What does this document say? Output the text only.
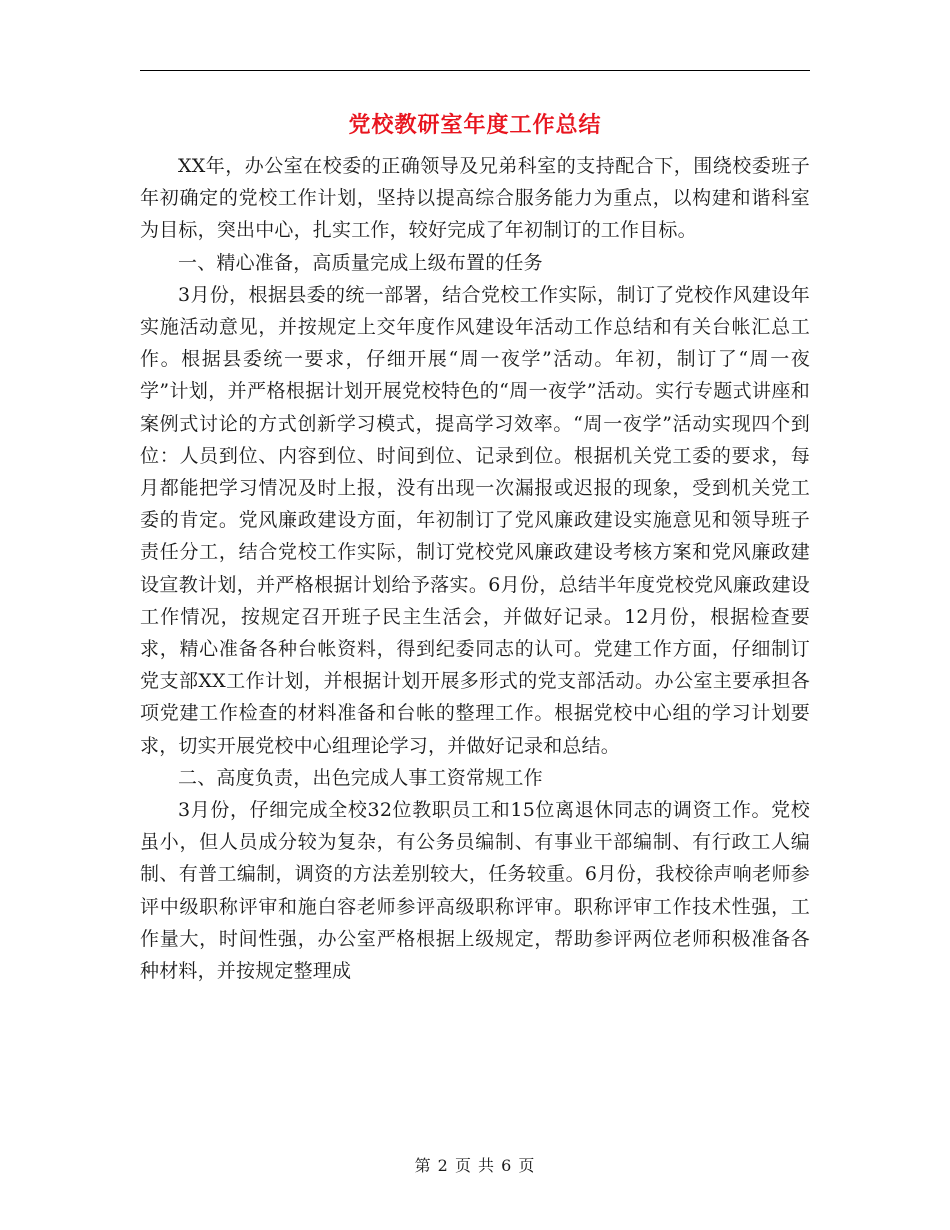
党校教研室年度工作总结

XX年，办公室在校委的正确领导及兄弟科室的支持配合下，围绕校委班子年初确定的党校工作计划，坚持以提高综合服务能力为重点，以构建和谐科室为目标，突出中心，扎实工作，较好完成了年初制订的工作目标。

一、精心准备，高质量完成上级布置的任务

3月份，根据县委的统一部署，结合党校工作实际，制订了党校作风建设年实施活动意见，并按规定上交年度作风建设年活动工作总结和有关台帐汇总工作。根据县委统一要求，仔细开展“周一夜学”活动。年初，制订了“周一夜学”计划，并严格根据计划开展党校特色的“周一夜学”活动。实行专题式讲座和案例式讨论的方式创新学习模式，提高学习效率。“周一夜学”活动实现四个到位：人员到位、内容到位、时间到位、记录到位。根据机关党工委的要求，每月都能把学习情况及时上报，没有出现一次漏报或迟报的现象，受到机关党工委的肯定。党风廉政建设方面，年初制订了党风廉政建设实施意见和领导班子责任分工，结合党校工作实际，制订党校党风廉政建设考核方案和党风廉政建设宣教计划，并严格根据计划给予落实。6月份，总结半年度党校党风廉政建设工作情况，按规定召开班子民主生活会，并做好记录。12月份，根据检查要求，精心准备各种台帐资料，得到纪委同志的认可。党建工作方面，仔细制订党支部XX工作计划，并根据计划开展多形式的党支部活动。办公室主要承担各项党建工作检查的材料准备和台帐的整理工作。根据党校中心组的学习计划要求，切实开展党校中心组理论学习，并做好记录和总结。

二、高度负责，出色完成人事工资常规工作

3月份，仔细完成全校32位教职员工和15位离退休同志的调资工作。党校虽小，但人员成分较为复杂，有公务员编制、有事业干部编制、有行政工人编制、有普工编制，调资的方法差别较大，任务较重。6月份，我校徐声响老师参评中级职称评审和施白容老师参评高级职称评审。职称评审工作技术性强，工作量大，时间性强，办公室严格根据上级规定，帮助参评两位老师积极准备各种材料，并按规定整理成

第 2 页 共 6 页
